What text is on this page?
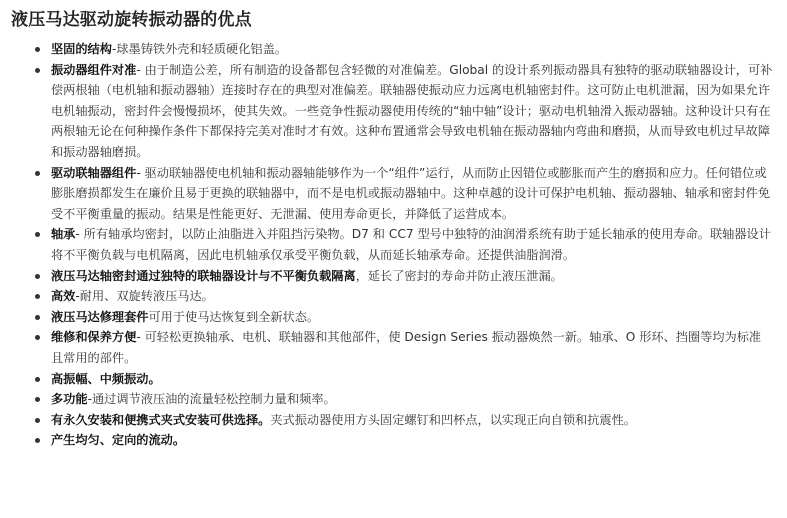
液压马达驱动旋转振动器的优点
坚固的结构-球墨铸铁外壳和轻质硬化铝盖。
振动器组件对准- 由于制造公差，所有制造的设备都包含轻微的对准偏差。Global 的设计系列振动器具有独特的驱动联轴器设计，可补偿两根轴（电机轴和振动器轴）连接时存在的典型对准偏差。联轴器使振动应力远离电机轴密封件。这可防止电机泄漏，因为如果允许电机轴振动，密封件会慢慢损坏，使其失效。一些竞争性振动器使用传统的“轴中轴”设计；驱动电机轴滑入振动器轴。这种设计只有在两根轴无论在何种操作条件下都保持完美对准时才有效。这种布置通常会导致电机轴在振动器轴内弯曲和磨损，从而导致电机过早故障和振动器轴磨损。
驱动联轴器组件- 驱动联轴器使电机轴和振动器轴能够作为一个“组件”运行，从而防止因错位或膨胀而产生的磨损和应力。任何错位或膨胀磨损都发生在廉价且易于更换的联轴器中，而不是电机或振动器轴中。这种卓越的设计可保护电机轴、振动器轴、轴承和密封件免受不平衡重量的振动。结果是性能更好、无泄漏、使用寿命更长，并降低了运营成本。
轴承- 所有轴承均密封，以防止油脂进入并阻挡污染物。D7 和 CC7 型号中独特的油润滑系统有助于延长轴承的使用寿命。联轴器设计将不平衡负载与电机隔离，因此电机轴承仅承受平衡负载，从而延长轴承寿命。还提供油脂润滑。
液压马达轴密封通过独特的联轴器设计与不平衡负载隔离，延长了密封的寿命并防止液压泄漏。
高效-耐用、双旋转液压马达。
液压马达修理套件可用于使马达恢复到全新状态。
维修和保养方便- 可轻松更换轴承、电机、联轴器和其他部件，使 Design Series 振动器焕然一新。轴承、O 形环、挡圈等均为标准且常用的部件。
高振幅、中频振动。
多功能-通过调节液压油的流量轻松控制力量和频率。
有永久安装和便携式夹式安装可供选择。夹式振动器使用方头固定螺钉和凹杯点，以实现正向自锁和抗震性。
产生均匀、定向的流动。
